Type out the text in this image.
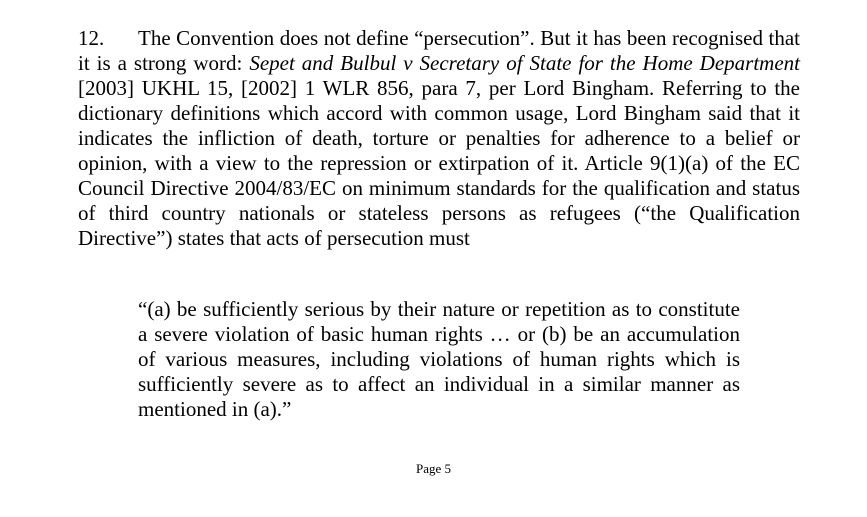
12. The Convention does not define “persecution”. But it has been recognised that it is a strong word: Sepet and Bulbul v Secretary of State for the Home Department [2003] UKHL 15, [2002] 1 WLR 856, para 7, per Lord Bingham. Referring to the dictionary definitions which accord with common usage, Lord Bingham said that it indicates the infliction of death, torture or penalties for adherence to a belief or opinion, with a view to the repression or extirpation of it. Article 9(1)(a) of the EC Council Directive 2004/83/EC on minimum standards for the qualification and status of third country nationals or stateless persons as refugees (“the Qualification Directive”) states that acts of persecution must

“(a) be sufficiently serious by their nature or repetition as to constitute a severe violation of basic human rights … or (b) be an accumulation of various measures, including violations of human rights which is sufficiently severe as to affect an individual in a similar manner as mentioned in (a).”

Page 5
